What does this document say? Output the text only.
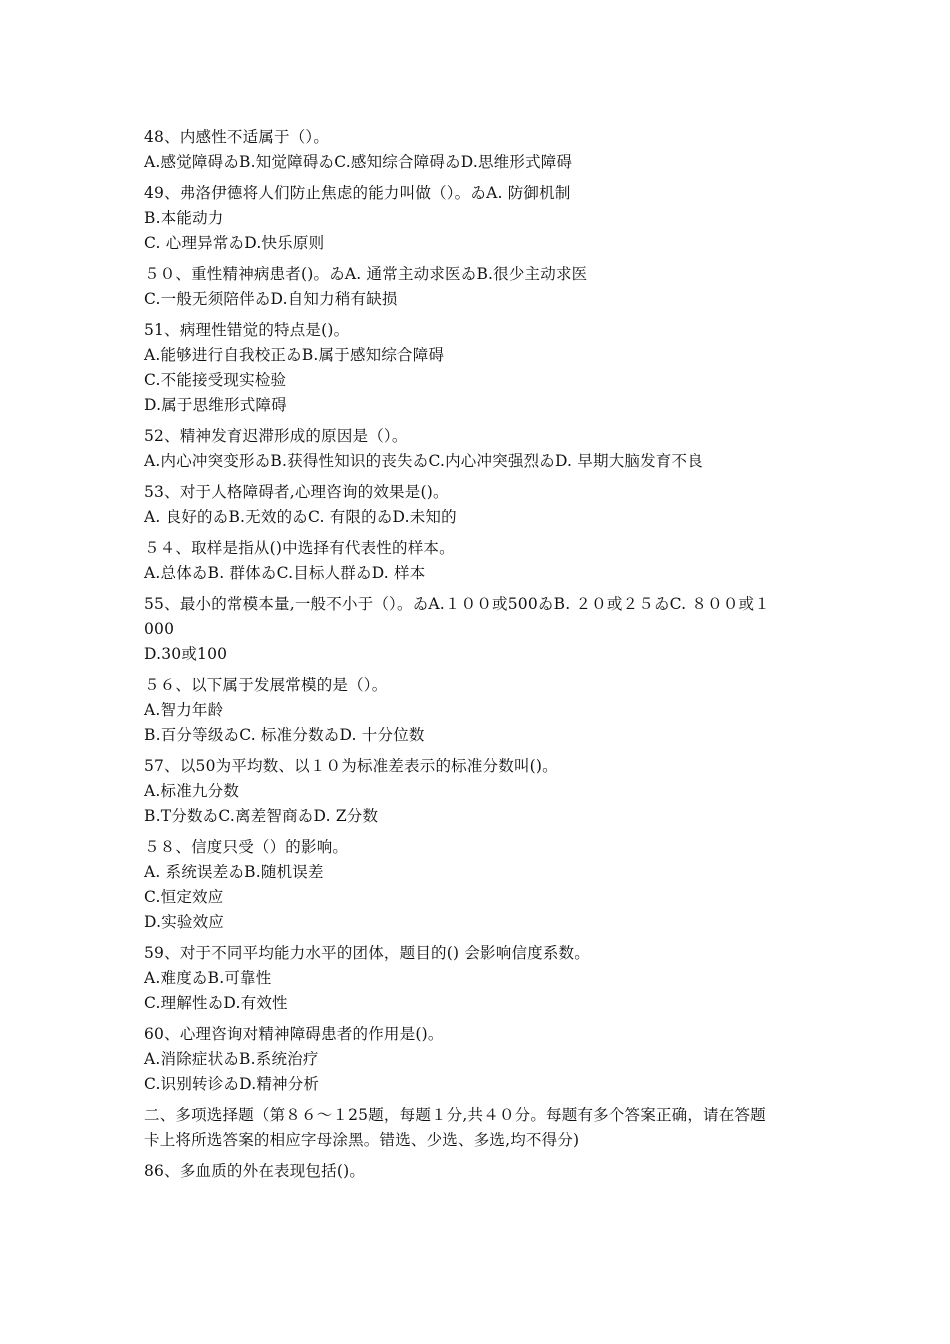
48、内感性不适属于（）。
A.感觉障碍ゐB.知觉障碍ゐC.感知综合障碍ゐD.思维形式障碍
49、弗洛伊德将人们防止焦虑的能力叫做（）。ゐA. 防御机制
B.本能动力
C. 心理异常ゐD.快乐原则
５０、重性精神病患者()。ゐA. 通常主动求医ゐB.很少主动求医
C.一般无须陪伴ゐD.自知力稍有缺损
51、病理性错觉的特点是()。
A.能够进行自我校正ゐB.属于感知综合障碍
C.不能接受现实检验
D.属于思维形式障碍
52、精神发育迟滞形成的原因是（）。
A.内心冲突变形ゐB.获得性知识的丧失ゐC.内心冲突强烈ゐD. 早期大脑发育不良
53、对于人格障碍者,心理咨询的效果是()。
A. 良好的ゐB.无效的ゐC. 有限的ゐD.未知的
５４、取样是指从()中选择有代表性的样本。
A.总体ゐB. 群体ゐC.目标人群ゐD. 样本
55、最小的常模本量,一般不小于（）。ゐA.１００或500ゐB. ２０或２５ゐC. ８００或１
000
D.30或100
５６、以下属于发展常模的是（）。
A.智力年龄
B.百分等级ゐC. 标准分数ゐD. 十分位数
57、以50为平均数、以１０为标准差表示的标准分数叫()。
A.标准九分数
B.T分数ゐC.离差智商ゐD. Z分数
５８、信度只受（）的影响。
A. 系统误差ゐB.随机误差
C.恒定效应
D.实验效应
59、对于不同平均能力水平的团体，题目的() 会影响信度系数。
A.难度ゐB.可靠性
C.理解性ゐD.有效性
60、心理咨询对精神障碍患者的作用是()。
A.消除症状ゐB.系统治疗
C.识别转诊ゐD.精神分析
二、多项选择题（第８６～１25题，每题１分,共４０分。每题有多个答案正确，请在答题
卡上将所选答案的相应字母涂黑。错选、少选、多选,均不得分)
86、多血质的外在表现包括()。
